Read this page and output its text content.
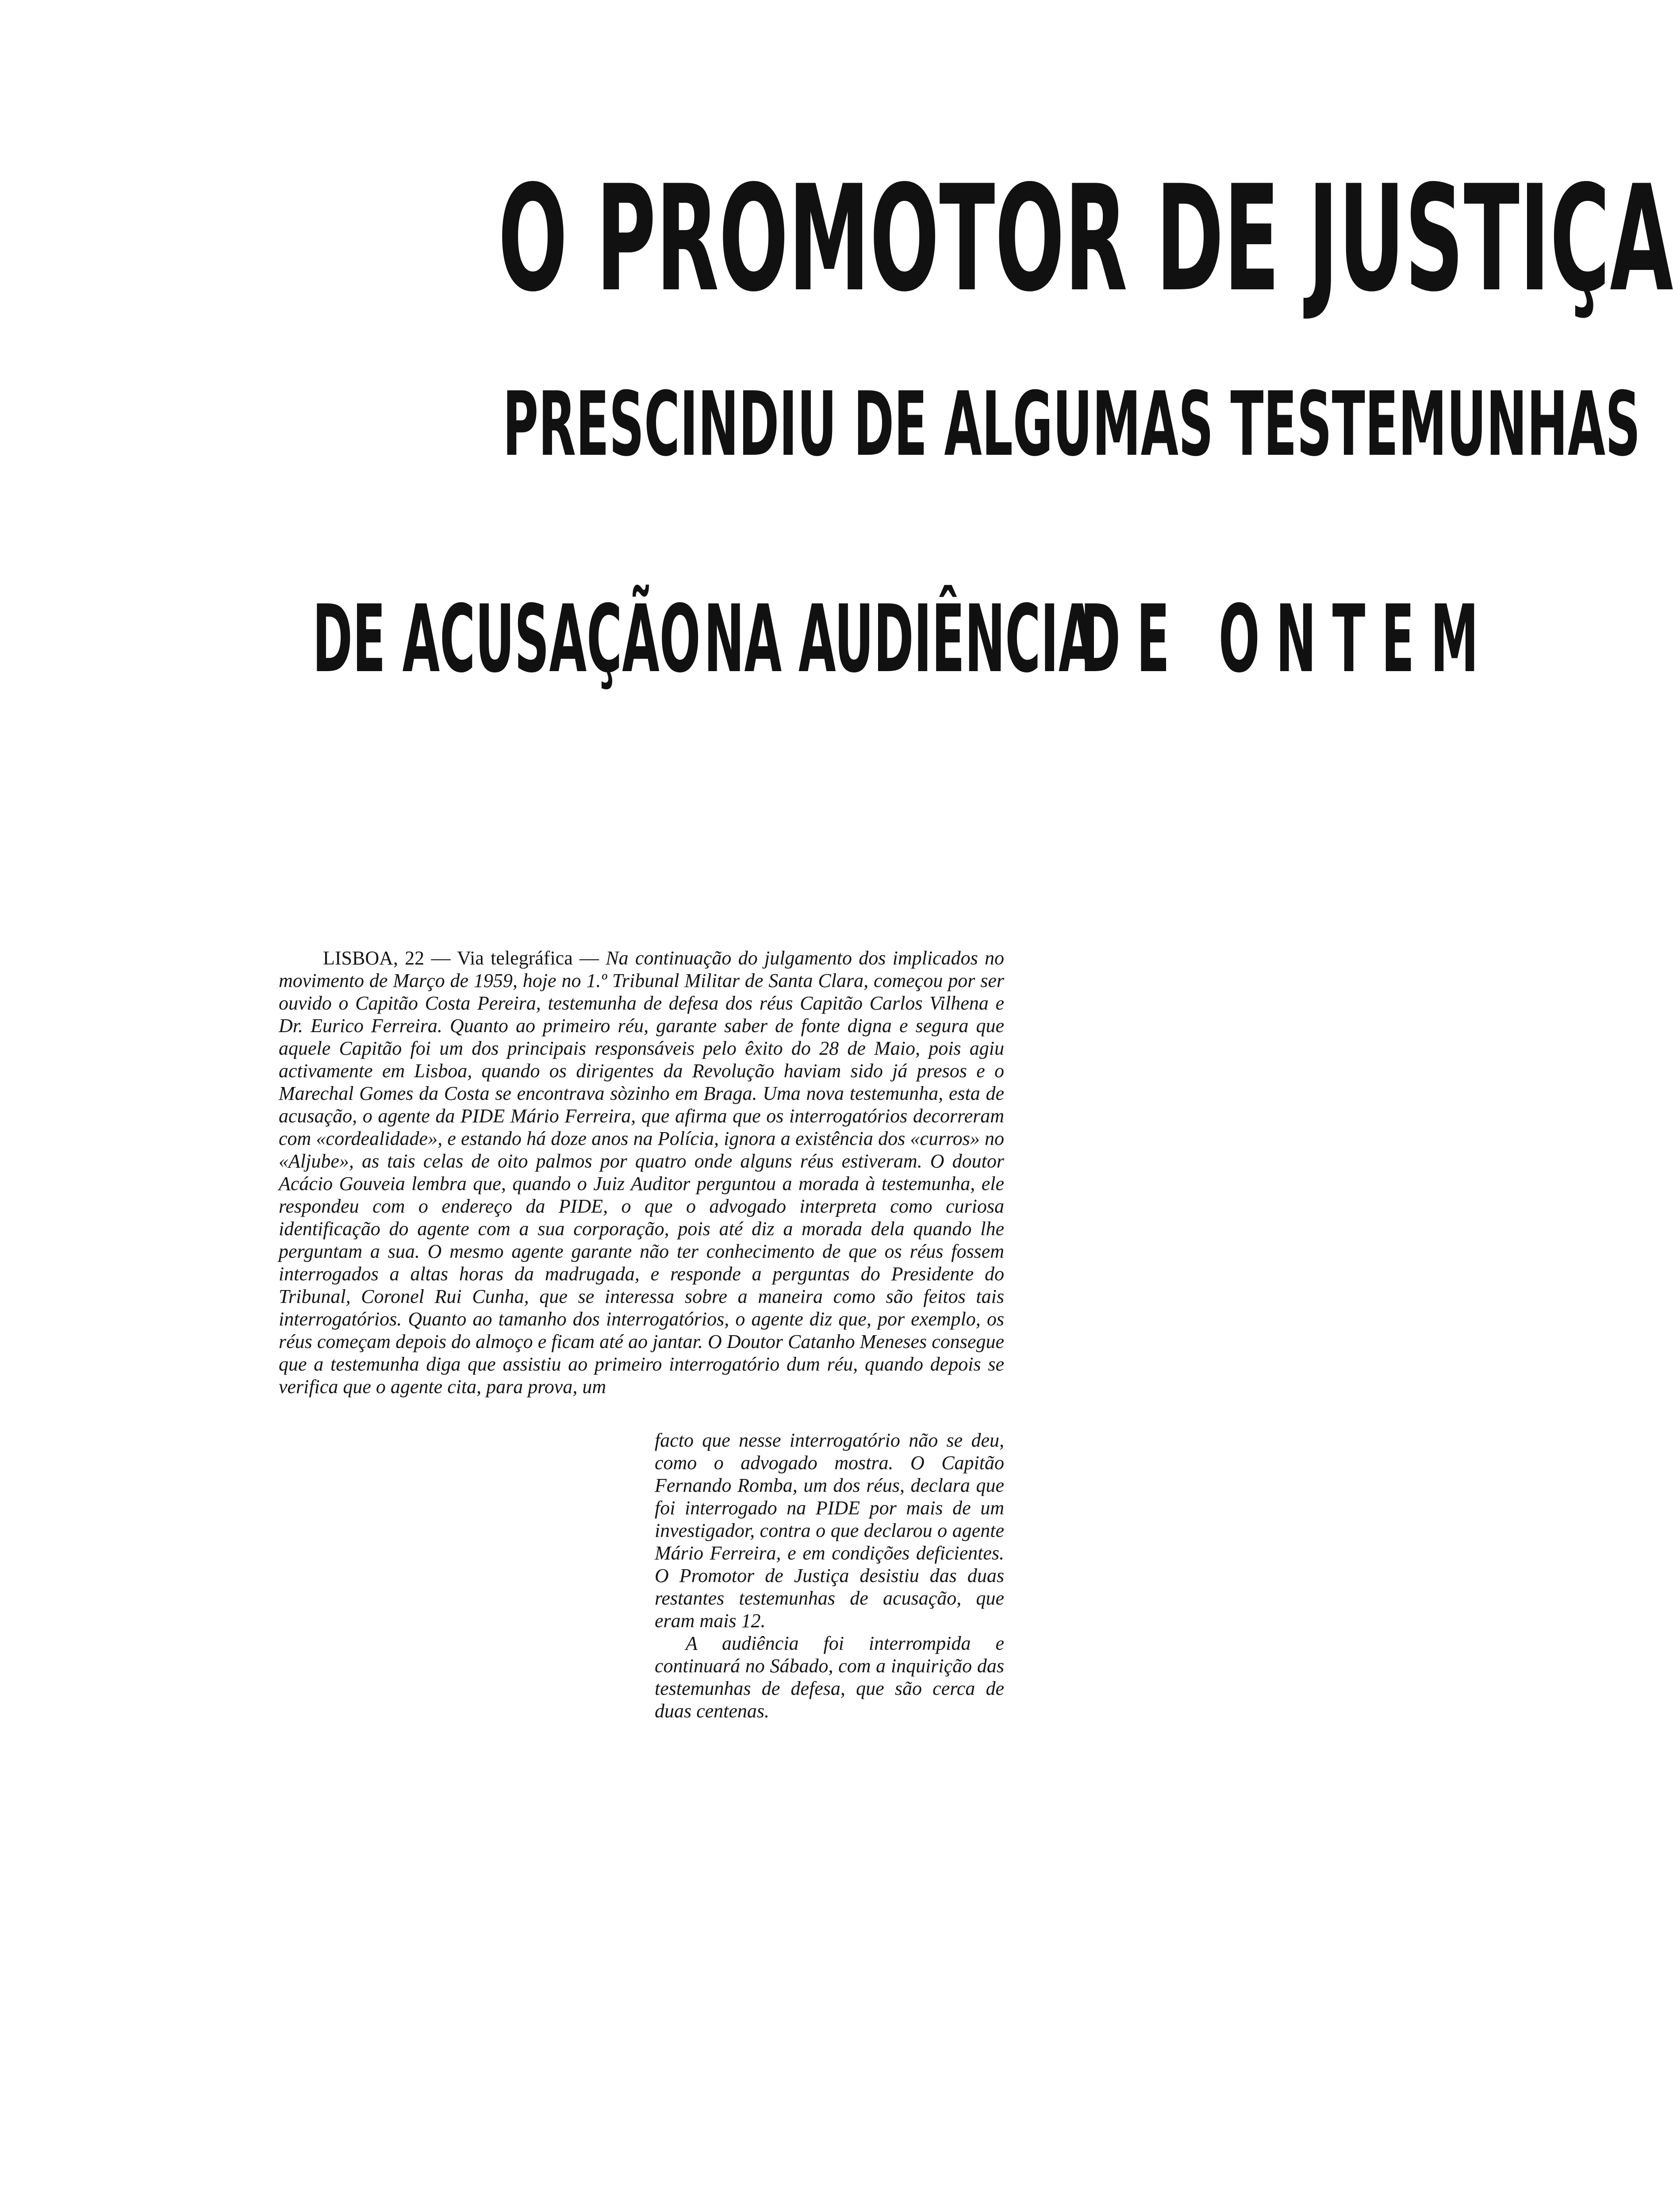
O PROMOTOR DE JUSTIÇA
PRESCINDIU DE ALGUMAS TESTEMUNHAS
DE ACUSAÇÃO NA AUDIÊNCIA
DE ONTEM
LISBOA, 22 — Via telegráfica — Na continuação do julgamento dos implicados no movimento de Março de 1959, hoje no 1.º Tribunal Militar de Santa Clara, começou por ser ouvido o Capitão Costa Pereira, testemunha de defesa dos réus Capitão Carlos Vilhena e Dr. Eurico Ferreira. Quanto ao primeiro réu, garante saber de fonte digna e segura que aquele Capitão foi um dos principais responsáveis pelo êxito do 28 de Maio, pois agiu activamente em Lisboa, quando os dirigentes da Revolução haviam sido já presos e o Marechal Gomes da Costa se encontrava sòzinho em Braga. Uma nova testemunha, esta de acusação, o agente da PIDE Mário Ferreira, que afirma que os interrogatórios decorreram com «cordealidade», e estando há doze anos na Polícia, ignora a existência dos «curros» no «Aljube», as tais celas de oito palmos por quatro onde alguns réus estiveram. O doutor Acácio Gouveia lembra que, quando o Juiz Auditor perguntou a morada à testemunha, ele respondeu com o endereço da PIDE, o que o advogado interpreta como curiosa identificação do agente com a sua corporação, pois até diz a morada dela quando lhe perguntam a sua. O mesmo agente garante não ter conhecimento de que os réus fossem interrogados a altas horas da madrugada, e responde a perguntas do Presidente do Tribunal, Coronel Rui Cunha, que se interessa sobre a maneira como são feitos tais interrogatórios. Quanto ao tamanho dos interrogatórios, o agente diz que, por exemplo, os réus começam depois do almoço e ficam até ao jantar. O Doutor Catanho Meneses consegue que a testemunha diga que assistiu ao primeiro interrogatório dum réu, quando depois se verifica que o agente cita, para prova, um

facto que nesse interrogatório não se deu, como o advogado mostra. O Capitão Fernando Romba, um dos réus, declara que foi interrogado na PIDE por mais de um investigador, contra o que declarou o agente Mário Ferreira, e em condições deficientes. O Promotor de Justiça desistiu das duas restantes testemunhas de acusação, que eram mais 12.

A audiência foi interrompida e continuará no Sábado, com a inquirição das testemunhas de defesa, que são cerca de duas centenas.
